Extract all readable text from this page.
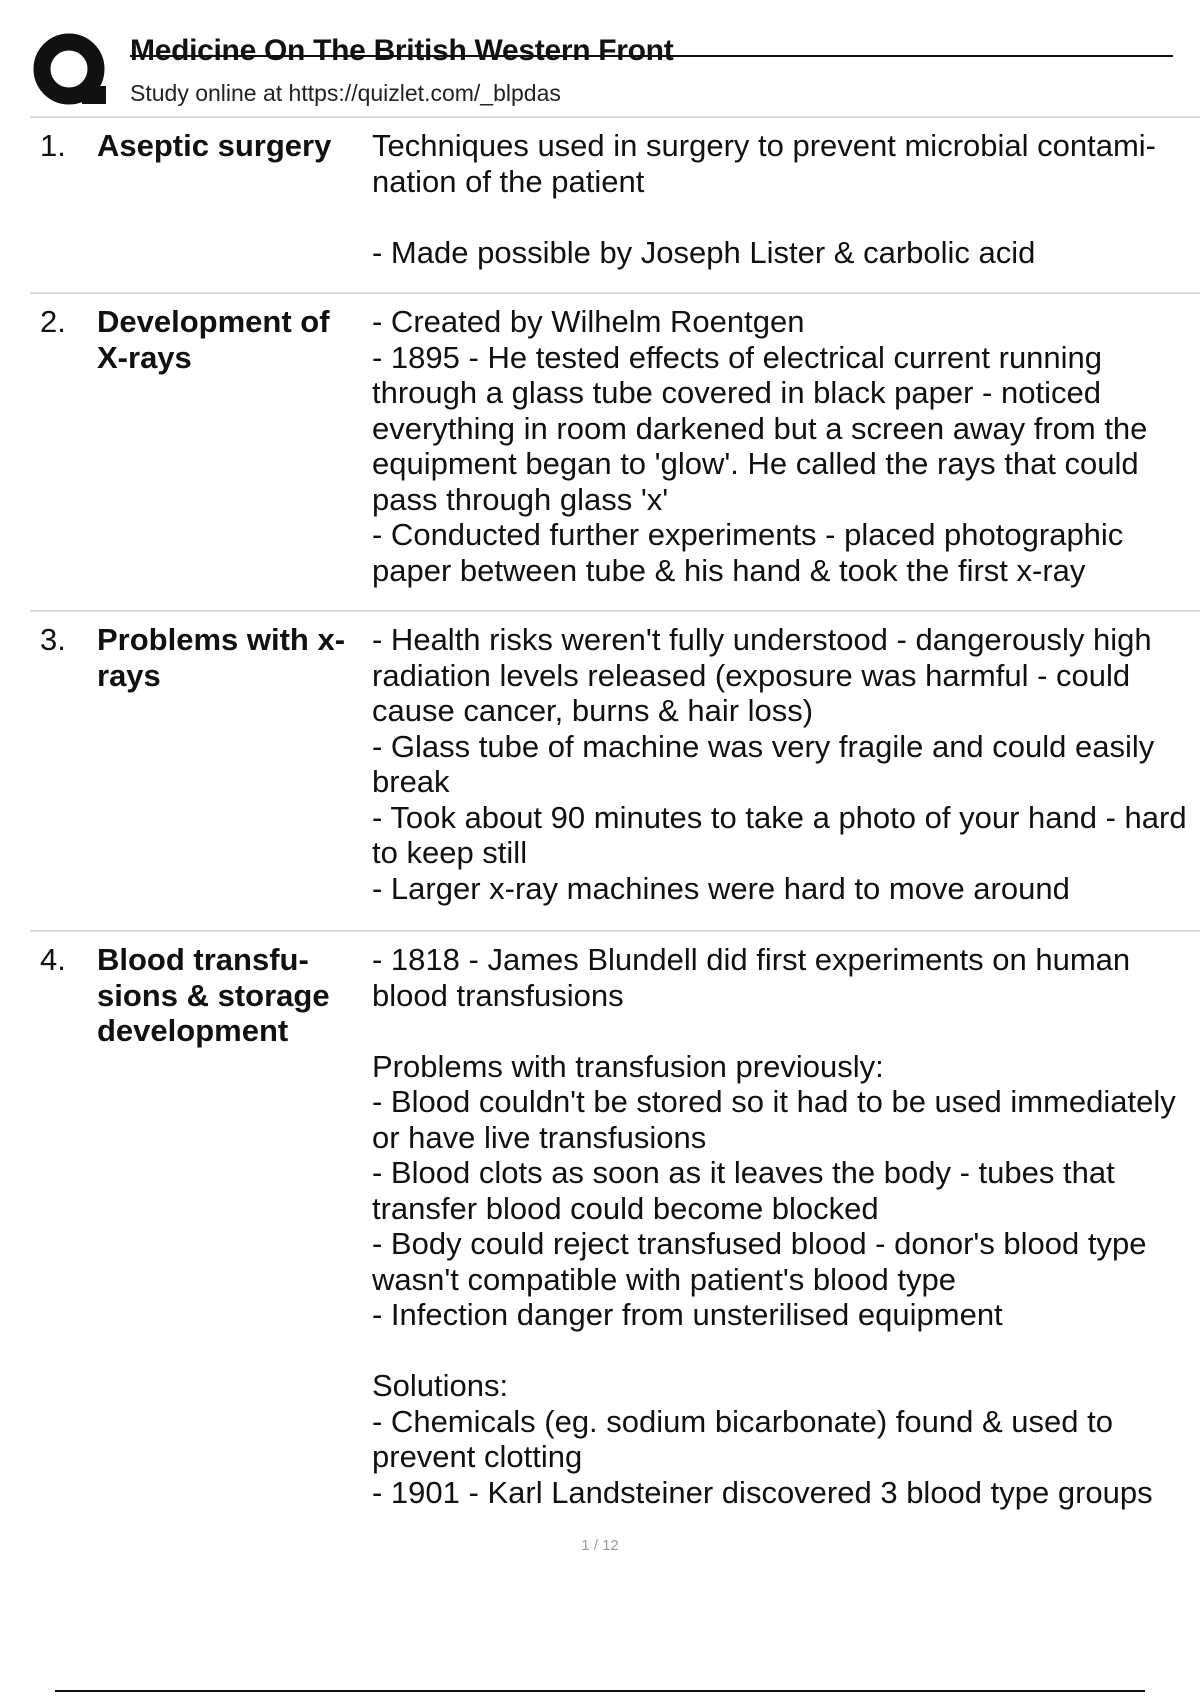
Medicine On The British Western Front
Study online at https://quizlet.com/_blpdas
1. Aseptic surgery	Techniques used in surgery to prevent microbial contami-nation of the patient

- Made possible by Joseph Lister & carbolic acid

2. Development of X-rays

- Created by Wilhelm Roentgen

- 1895 - He tested effects of electrical current running through a glass tube covered in black paper - noticed everything in room darkened but a screen away from the equipment began to 'glow'. He called the rays that could pass through glass 'x'

- Conducted further experiments - placed photographic paper between tube & his hand & took the first x-ray

3. Problems with x-rays

- Health risks weren't fully understood - dangerously high radiation levels released (exposure was harmful - could cause cancer, burns & hair loss)

- Glass tube of machine was very fragile and could easily break

- Took about 90 minutes to take a photo of your hand - hard to keep still

- Larger x-ray machines were hard to move around

4. Blood transfu-sions & storage development

- 1818 - James Blundell did first experiments on human blood transfusions

Problems with transfusion previously:

- Blood couldn't be stored so it had to be used immediately or have live transfusions

- Blood clots as soon as it leaves the body - tubes that transfer blood could become blocked

- Body could reject transfused blood - donor's blood type wasn't compatible with patient's blood type

- Infection danger from unsterilised equipment

Solutions:

- Chemicals (eg. sodium bicarbonate) found & used to prevent clotting

- 1901 - Karl Landsteiner discovered 3 blood type groups

1 / 12
